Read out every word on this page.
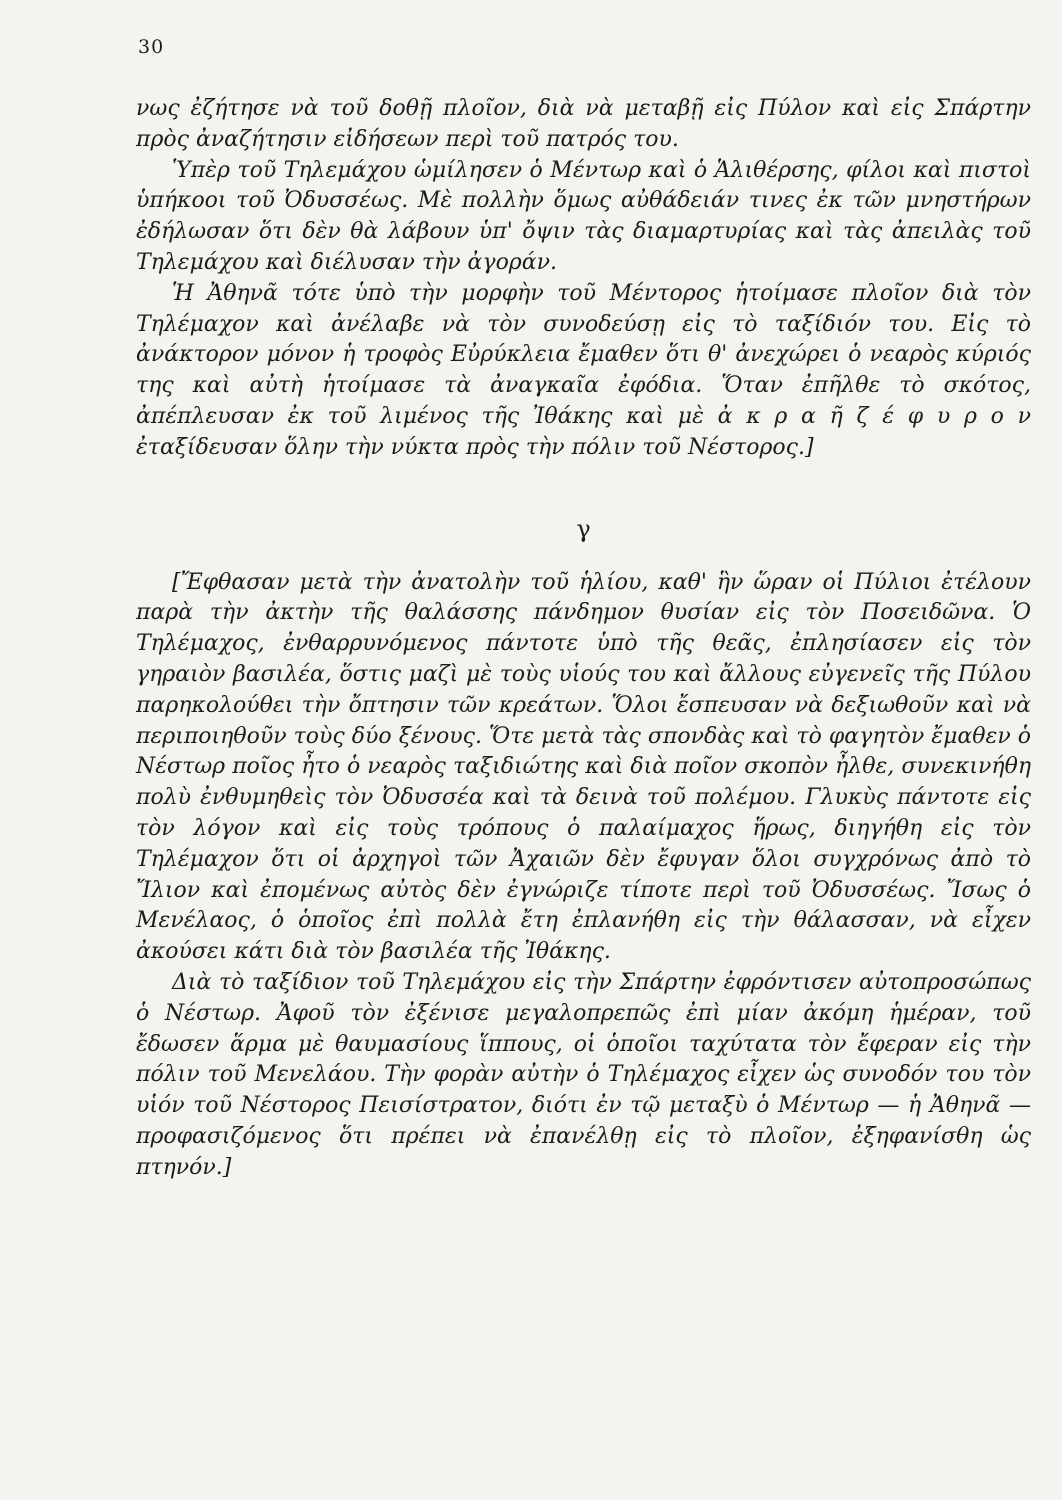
30

νως ἐζήτησε νὰ τοῦ δοθῇ πλοῖον, διὰ νὰ μεταβῇ εἰς Πύλον καὶ εἰς Σπάρτην πρὸς ἀναζήτησιν εἰδήσεων περὶ τοῦ πατρός του.

Ὑπὲρ τοῦ Τηλεμάχου ὡμίλησεν ὁ Μέντωρ καὶ ὁ Ἁλιθέρσης, φίλοι καὶ πιστοὶ ὑπήκοοι τοῦ Ὀδυσσέως. Μὲ πολλὴν ὅμως αὐθάδειάν τινες ἐκ τῶν μνηστήρων ἐδήλωσαν ὅτι δὲν θὰ λάβουν ὑπ' ὄψιν τὰς διαμαρτυρίας καὶ τὰς ἀπειλὰς τοῦ Τηλεμάχου καὶ διέλυσαν τὴν ἀγοράν.

Ἡ Ἀθηνᾶ τότε ὑπὸ τὴν μορφὴν τοῦ Μέντορος ἡτοίμασε πλοῖον διὰ τὸν Τηλέμαχον καὶ ἀνέλαβε νὰ τὸν συνοδεύσῃ εἰς τὸ ταξίδιόν του. Εἰς τὸ ἀνάκτορον μόνον ἡ τροφὸς Εὐρύκλεια ἔμαθεν ὅτι θ' ἀνεχώρει ὁ νεαρὸς κύριός της καὶ αὐτὴ ἡτοίμασε τὰ ἀναγκαῖα ἐφόδια. Ὅταν ἐπῆλθε τὸ σκότος, ἀπέπλευσαν ἐκ τοῦ λιμένος τῆς Ἰθάκης καὶ μὲ ἀ κ ρ α ῆ ζ έ φ υ ρ ο ν ἐταξίδευσαν ὅλην τὴν νύκτα πρὸς τὴν πόλιν τοῦ Νέστορος.]

γ

[Ἔφθασαν μετὰ τὴν ἀνατολὴν τοῦ ἡλίου, καθ' ἣν ὥραν οἱ Πύλιοι ἐτέλουν παρὰ τὴν ἀκτὴν τῆς θαλάσσης πάνδημον θυσίαν εἰς τὸν Ποσειδῶνα. Ὁ Τηλέμαχος, ἐνθαρρυνόμενος πάντοτε ὑπὸ τῆς θεᾶς, ἐπλησίασεν εἰς τὸν γηραιὸν βασιλέα, ὅστις μαζὶ μὲ τοὺς υἱούς του καὶ ἄλλους εὐγενεῖς τῆς Πύλου παρηκολούθει τὴν ὄπτησιν τῶν κρεάτων. Ὅλοι ἔσπευσαν νὰ δεξιωθοῦν καὶ νὰ περιποιηθοῦν τοὺς δύο ξένους. Ὅτε μετὰ τὰς σπονδὰς καὶ τὸ φαγητὸν ἔμαθεν ὁ Νέστωρ ποῖος ἦτο ὁ νεαρὸς ταξιδιώτης καὶ διὰ ποῖον σκοπὸν ἦλθε, συνεκινήθη πολὺ ἐνθυμηθεὶς τὸν Ὀδυσσέα καὶ τὰ δεινὰ τοῦ πολέμου. Γλυκὺς πάντοτε εἰς τὸν λόγον καὶ εἰς τοὺς τρόπους ὁ παλαίμαχος ἥρως, διηγήθη εἰς τὸν Τηλέμαχον ὅτι οἱ ἀρχηγοὶ τῶν Ἀχαιῶν δὲν ἔφυγαν ὅλοι συγχρόνως ἀπὸ τὸ Ἴλιον καὶ ἐπομένως αὐτὸς δὲν ἐγνώριζε τίποτε περὶ τοῦ Ὀδυσσέως. Ἴσως ὁ Μενέλαος, ὁ ὁποῖος ἐπὶ πολλὰ ἔτη ἐπλανήθη εἰς τὴν θάλασσαν, νὰ εἶχεν ἀκούσει κάτι διὰ τὸν βασιλέα τῆς Ἰθάκης.

Διὰ τὸ ταξίδιον τοῦ Τηλεμάχου εἰς τὴν Σπάρτην ἐφρόντισεν αὐτοπροσώπως ὁ Νέστωρ. Ἀφοῦ τὸν ἐξένισε μεγαλοπρεπῶς ἐπὶ μίαν ἀκόμη ἡμέραν, τοῦ ἔδωσεν ἅρμα μὲ θαυμασίους ἵππους, οἱ ὁποῖοι ταχύτατα τὸν ἔφεραν εἰς τὴν πόλιν τοῦ Μενελάου. Τὴν φορὰν αὐτὴν ὁ Τηλέμαχος εἶχεν ὡς συνοδόν του τὸν υἱόν τοῦ Νέστορος Πεισίστρατον, διότι ἐν τῷ μεταξὺ ὁ Μέντωρ — ἡ Ἀθηνᾶ — προφασιζόμενος ὅτι πρέπει νὰ ἐπανέλθῃ εἰς τὸ πλοῖον, ἐξηφανίσθη ὡς πτηνόν.]
